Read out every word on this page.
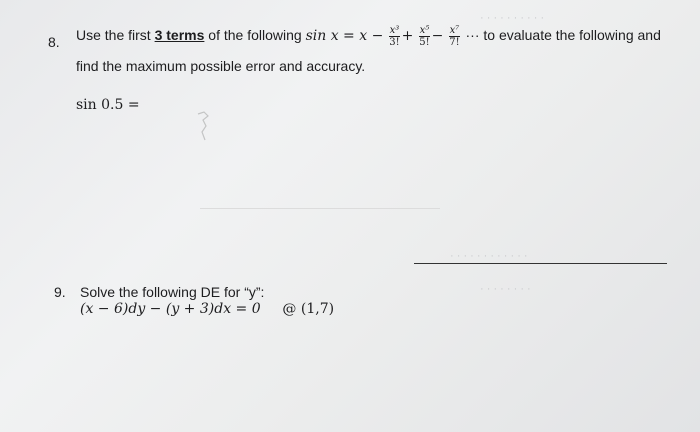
· · · · · · · · · ·
· · · · · · · · · · · ·
· · · · · · · ·
8. Use the first 3 terms of the following $\sin x = x - \frac{\text{x³}}{3!} + \frac{\text{x⁵}}{5!} - \frac{\text{x⁷}}{7!}$ ··· to evaluate the following and
find the maximum possible error and accuracy.
sin 0.5 =
9. Solve the following DE for “y”:
(x − 6)dy − (y + 3)dx = 0 @ (1,7)
